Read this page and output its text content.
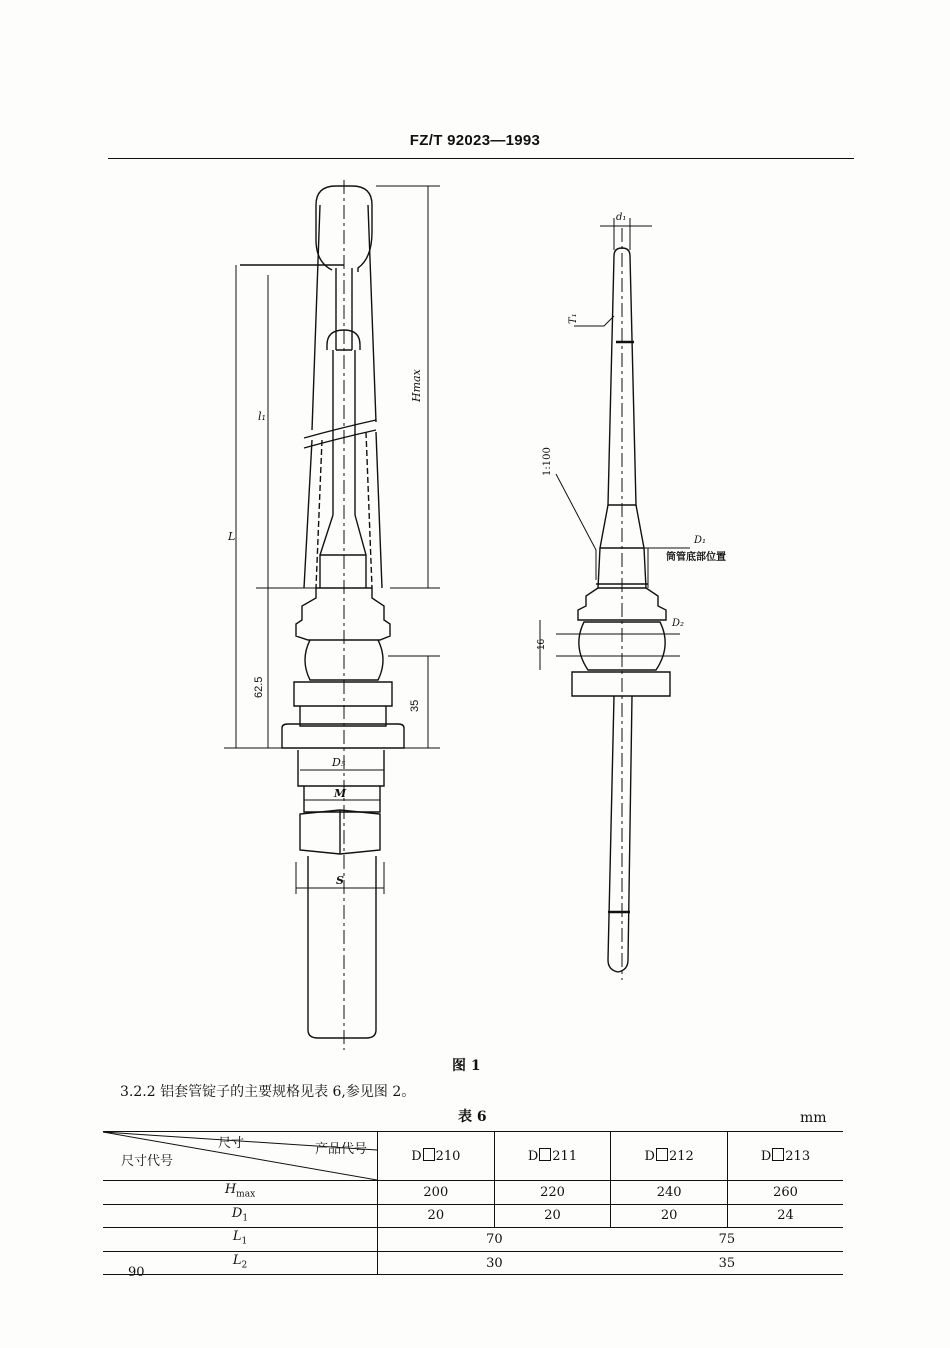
FZ/T 92023—1993
L
l₁
Hmax
62.5
35
D₅
M
S
d₁
T₁
1:100
D₁
筒管底部位置
D₂
16
图 1
3.2.2 铝套管锭子的主要规格见表 6,参见图 2。
表 6	mm
尺寸 产品代号
尺寸代号	D 210	D 211	D 212	D 213
$H_{max}$	200	220	240	260
$D_1$	20	20	20	24
$L_1$	70		75	
$L_2$	30		35	
90
